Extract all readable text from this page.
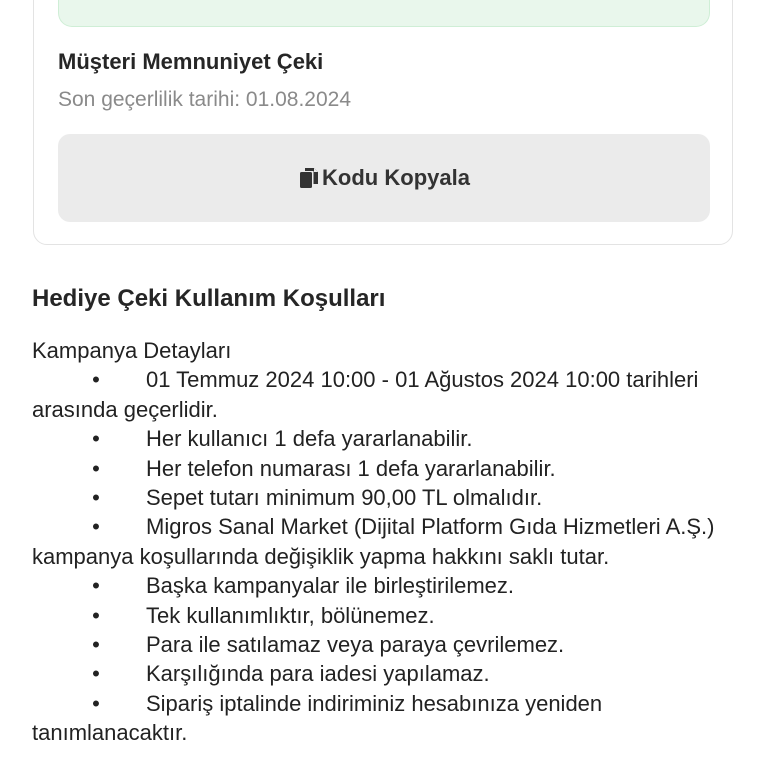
Müşteri Memnuniyet Çeki
Son geçerlilik tarihi: 01.08.2024
Kodu Kopyala
Hediye Çeki Kullanım Koşulları
Kampanya Detayları
• 01 Temmuz 2024 10:00 - 01 Ağustos 2024 10:00 tarihleri arasında geçerlidir.
• Her kullanıcı 1 defa yararlanabilir.
• Her telefon numarası 1 defa yararlanabilir.
• Sepet tutarı minimum 90,00 TL olmalıdır.
• Migros Sanal Market (Dijital Platform Gıda Hizmetleri A.Ş.) kampanya koşullarında değişiklik yapma hakkını saklı tutar.
• Başka kampanyalar ile birleştirilemez.
• Tek kullanımlıktır, bölünemez.
• Para ile satılamaz veya paraya çevrilemez.
• Karşılığında para iadesi yapılamaz.
• Sipariş iptalinde indiriminiz hesabınıza yeniden tanımlanacaktır.
